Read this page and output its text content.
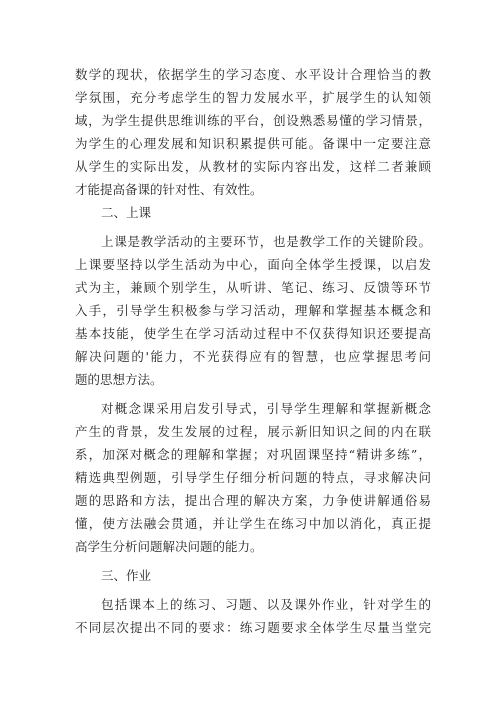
数学的现状，依据学生的学习态度、水平设计合理恰当的教
学氛围，充分考虑学生的智力发展水平，扩展学生的认知领
域，为学生提供思维训练的平台，创设熟悉易懂的学习情景，
为学生的心理发展和知识积累提供可能。备课中一定要注意
从学生的实际出发，从教材的实际内容出发，这样二者兼顾
才能提高备课的针对性、有效性。
二、上课
上课是教学活动的主要环节，也是教学工作的关键阶段。
上课要坚持以学生活动为中心，面向全体学生授课，以启发
式为主，兼顾个别学生，从听讲、笔记、练习、反馈等环节
入手，引导学生积极参与学习活动，理解和掌握基本概念和
基本技能，使学生在学习活动过程中不仅获得知识还要提高
解决问题的'能力，不光获得应有的智慧，也应掌握思考问
题的思想方法。
对概念课采用启发引导式，引导学生理解和掌握新概念
产生的背景，发生发展的过程，展示新旧知识之间的内在联
系，加深对概念的理解和掌握；对巩固课坚持“精讲多练”，
精选典型例题，引导学生仔细分析问题的特点，寻求解决问
题的思路和方法，提出合理的解决方案，力争使讲解通俗易
懂，使方法融会贯通，并让学生在练习中加以消化，真正提
高学生分析问题解决问题的能力。
三、作业
包括课本上的练习、习题、以及课外作业，针对学生的
不同层次提出不同的要求：练习题要求全体学生尽量当堂完
